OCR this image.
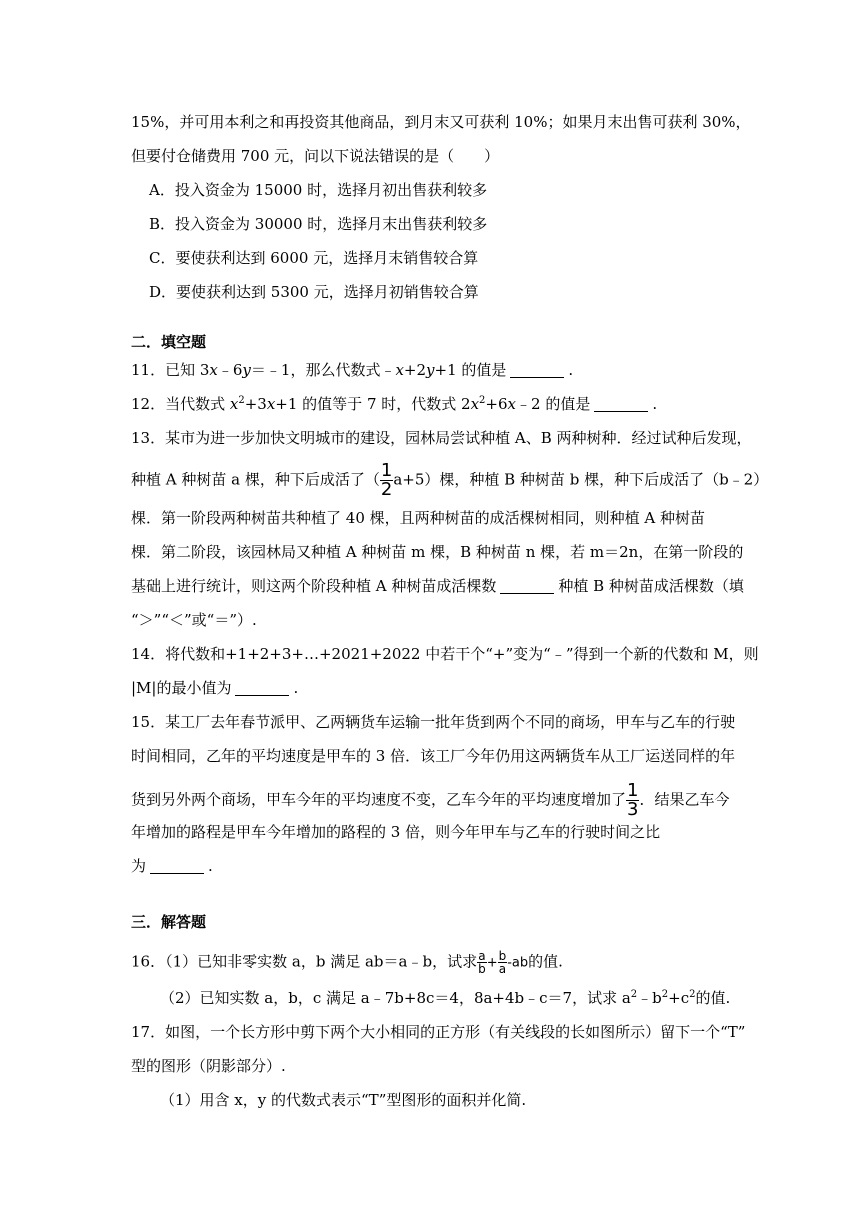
15%，并可用本利之和再投资其他商品，到月末又可获利 10%；如果月末出售可获利 30%，
但要付仓储费用 700 元，问以下说法错误的是（　　）
A．投入资金为 15000 时，选择月初出售获利较多
B．投入资金为 30000 时，选择月末出售获利较多
C．要使获利达到 6000 元，选择月末销售较合算
D．要使获利达到 5300 元，选择月初销售较合算
二．填空题
11．已知 3x﹣6y＝﹣1，那么代数式﹣x+2y+1 的值是	.
12．当代数式 $x^2+3x+1$ 的值等于 7 时，代数式 $2x^2+6x﹣2$ 的值是	.
13．某市为进一步加快文明城市的建设，园林局尝试种植 A、B 两种树种．经过试种后发现，
种植 A 种树苗 a 棵，种下后成活了（ $\frac{1}{2} a+5$）棵，种植 B 种树苗 b 棵，种下后成活了（b﹣2）
棵．第一阶段两种树苗共种植了 40 棵，且两种树苗的成活棵树相同，则种植 A 种树苗
棵．第二阶段，该园林局又种植 A 种树苗 m 棵，B 种树苗 n 棵，若 m＝2n，在第一阶段的
基础上进行统计，则这两个阶段种植 A 种树苗成活棵数	种植 B 种树苗成活棵数（填
“＞”“＜”或“＝”）.
14．将代数和+1+2+3+…+2021+2022 中若干个“+”变为“﹣”得到一个新的代数和 M，则
|M|的最小值为	.
15．某工厂去年春节派甲、乙两辆货车运输一批年货到两个不同的商场，甲车与乙车的行驶
时间相同，乙年的平均速度是甲车的 3 倍．该工厂今年仍用这两辆货车从工厂运送同样的年
货到另外两个商场，甲车今年的平均速度不变，乙车今年的平均速度增加了 $\frac{1}{3}$ ．结果乙车今
年增加的路程是甲车今年增加的路程的 3 倍，则今年甲车与乙车的行驶时间之比
为	.
三．解答题
16．（1）已知非零实数 a，b 满足 ab＝a﹣b，试求 $\frac{a}{b} + \frac{b}{a} -ab$的值.
（2）已知实数 a，b，c 满足 a﹣7b+8c＝4，8a+4b﹣c＝7，试求 $a^2﹣b^2+c^2$的值.
17．如图，一个长方形中剪下两个大小相同的正方形（有关线段的长如图所示）留下一个“T”
型的图形（阴影部分）.
（1）用含 x，y 的代数式表示“T”型图形的面积并化简.
